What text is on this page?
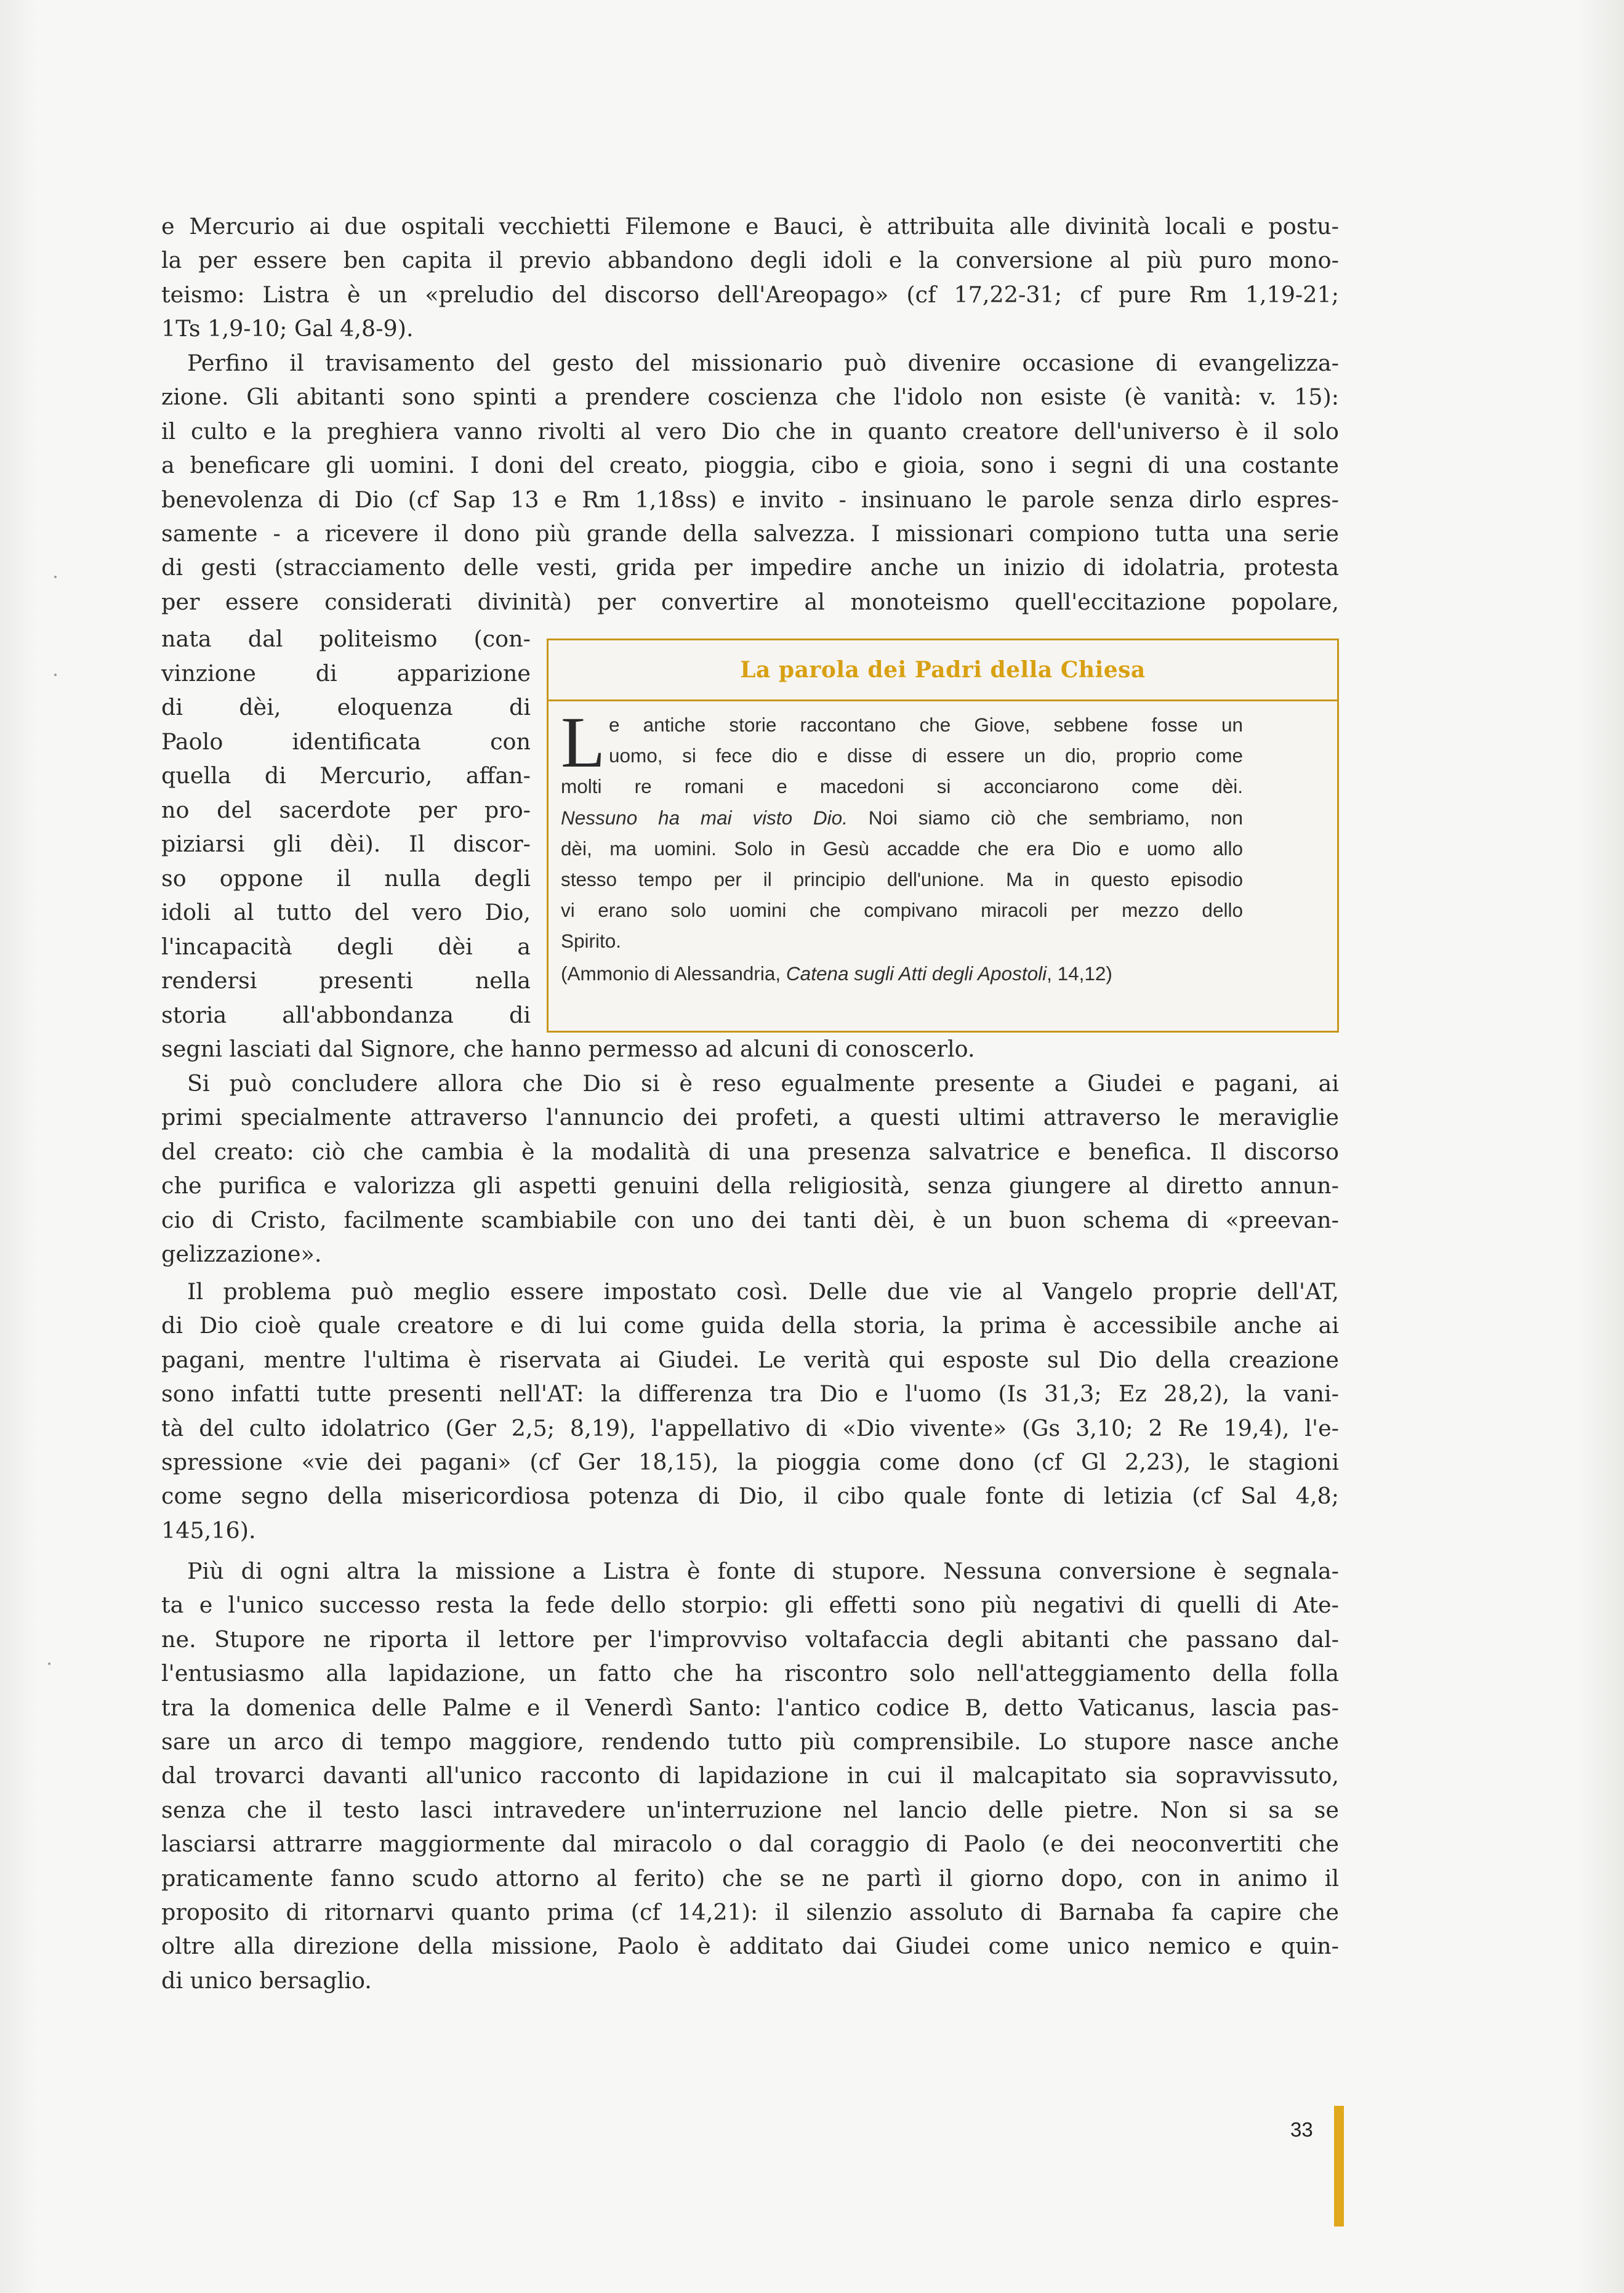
e Mercurio ai due ospitali vecchietti Filemone e Bauci, è attribuita alle divinità locali e postu-
la per essere ben capita il previo abbandono degli idoli e la conversione al più puro mono-
teismo: Listra è un «preludio del discorso dell'Areopago» (cf 17,22-31; cf pure Rm 1,19-21;
1Ts 1,9-10; Gal 4,8-9).
Perfino il travisamento del gesto del missionario può divenire occasione di evangelizza-
zione. Gli abitanti sono spinti a prendere coscienza che l'idolo non esiste (è vanità: v. 15):
il culto e la preghiera vanno rivolti al vero Dio che in quanto creatore dell'universo è il solo
a beneficare gli uomini. I doni del creato, pioggia, cibo e gioia, sono i segni di una costante
benevolenza di Dio (cf Sap 13 e Rm 1,18ss) e invito - insinuano le parole senza dirlo espres-
samente - a ricevere il dono più grande della salvezza. I missionari compiono tutta una serie
di gesti (stracciamento delle vesti, grida per impedire anche un inizio di idolatria, protesta
per essere considerati divinità) per convertire al monoteismo quell'eccitazione popolare,
nata dal politeismo (con-
vinzione di apparizione
di dèi, eloquenza di
Paolo identificata con
quella di Mercurio, affan-
no del sacerdote per pro-
piziarsi gli dèi). Il discor-
so oppone il nulla degli
idoli al tutto del vero Dio,
l'incapacità degli dèi a
rendersi presenti nella
storia all'abbondanza di
segni lasciati dal Signore, che hanno permesso ad alcuni di conoscerlo.
La parola dei Padri della Chiesa
L e antiche storie raccontano che Giove, sebbene fosse un
uomo, si fece dio e disse di essere un dio, proprio come
molti re romani e macedoni si acconciarono come dèi.
Nessuno ha mai visto Dio. Noi siamo ciò che sembriamo, non
dèi, ma uomini. Solo in Gesù accadde che era Dio e uomo allo
stesso tempo per il principio dell'unione. Ma in questo episodio
vi erano solo uomini che compivano miracoli per mezzo dello
Spirito.
(Ammonio di Alessandria, Catena sugli Atti degli Apostoli, 14,12)
Si può concludere allora che Dio si è reso egualmente presente a Giudei e pagani, ai
primi specialmente attraverso l'annuncio dei profeti, a questi ultimi attraverso le meraviglie
del creato: ciò che cambia è la modalità di una presenza salvatrice e benefica. Il discorso
che purifica e valorizza gli aspetti genuini della religiosità, senza giungere al diretto annun-
cio di Cristo, facilmente scambiabile con uno dei tanti dèi, è un buon schema di «preevan-
gelizzazione».
Il problema può meglio essere impostato così. Delle due vie al Vangelo proprie dell'AT,
di Dio cioè quale creatore e di lui come guida della storia, la prima è accessibile anche ai
pagani, mentre l'ultima è riservata ai Giudei. Le verità qui esposte sul Dio della creazione
sono infatti tutte presenti nell'AT: la differenza tra Dio e l'uomo (Is 31,3; Ez 28,2), la vani-
tà del culto idolatrico (Ger 2,5; 8,19), l'appellativo di «Dio vivente» (Gs 3,10; 2 Re 19,4), l'e-
spressione «vie dei pagani» (cf Ger 18,15), la pioggia come dono (cf Gl 2,23), le stagioni
come segno della misericordiosa potenza di Dio, il cibo quale fonte di letizia (cf Sal 4,8;
145,16).
Più di ogni altra la missione a Listra è fonte di stupore. Nessuna conversione è segnala-
ta e l'unico successo resta la fede dello storpio: gli effetti sono più negativi di quelli di Ate-
ne. Stupore ne riporta il lettore per l'improvviso voltafaccia degli abitanti che passano dal-
l'entusiasmo alla lapidazione, un fatto che ha riscontro solo nell'atteggiamento della folla
tra la domenica delle Palme e il Venerdì Santo: l'antico codice B, detto Vaticanus, lascia pas-
sare un arco di tempo maggiore, rendendo tutto più comprensibile. Lo stupore nasce anche
dal trovarci davanti all'unico racconto di lapidazione in cui il malcapitato sia sopravvissuto,
senza che il testo lasci intravedere un'interruzione nel lancio delle pietre. Non si sa se
lasciarsi attrarre maggiormente dal miracolo o dal coraggio di Paolo (e dei neoconvertiti che
praticamente fanno scudo attorno al ferito) che se ne partì il giorno dopo, con in animo il
proposito di ritornarvi quanto prima (cf 14,21): il silenzio assoluto di Barnaba fa capire che
oltre alla direzione della missione, Paolo è additato dai Giudei come unico nemico e quin-
di unico bersaglio.
33
